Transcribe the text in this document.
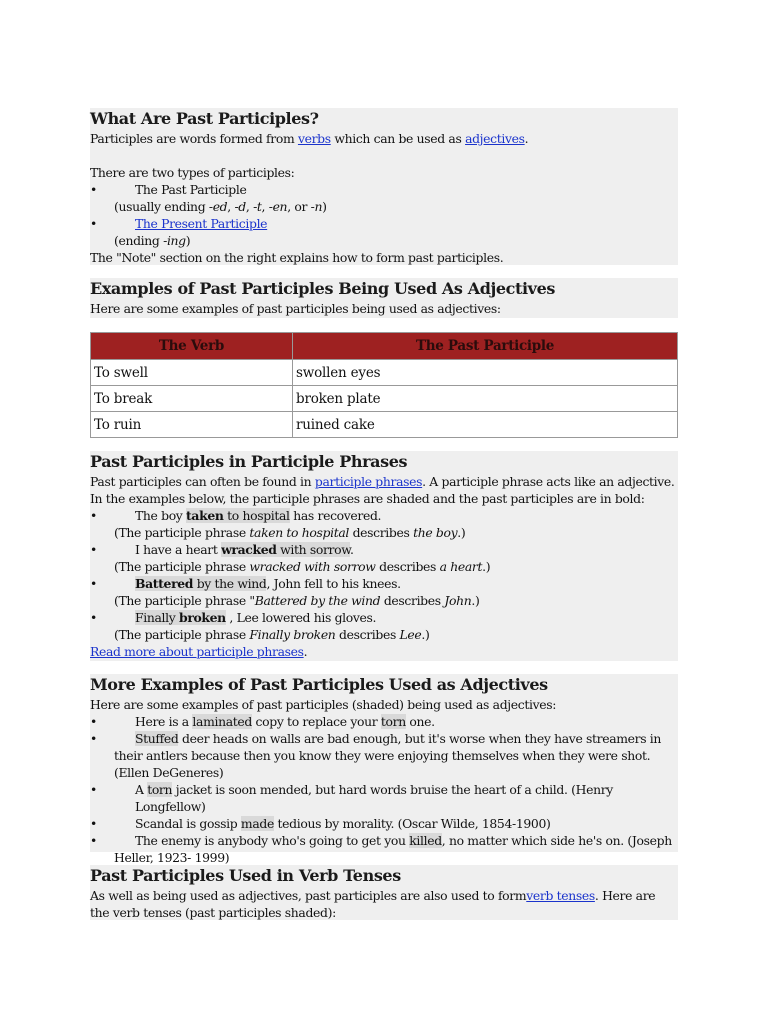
What Are Past Participles?

Participles are words formed from verbs which can be used as adjectives.

There are two types of participles:

•	The Past Participle
(usually ending -ed, -d, -t, -en, or -n)
•	The Present Participle
(ending -ing)

The "Note" section on the right explains how to form past participles.

Examples of Past Participles Being Used As Adjectives

Here are some examples of past participles being used as adjectives:

The Verb	The Past Participle
To swell	swollen eyes
To break	broken plate
To ruin	ruined cake
Past Participles in Participle Phrases

Past participles can often be found in participle phrases. A participle phrase acts like an adjective. In the examples below, the participle phrases are shaded and the past participles are in bold:

•	The boy taken to hospital has recovered.
(The participle phrase taken to hospital describes the boy.)
•	I have a heart wracked with sorrow.
(The participle phrase wracked with sorrow describes a heart.)
•	Battered by the wind, John fell to his knees.
(The participle phrase "Battered by the wind describes John.)
•	Finally broken , Lee lowered his gloves.
(The participle phrase Finally broken describes Lee.)

Read more about participle phrases.

More Examples of Past Participles Used as Adjectives

Here are some examples of past participles (shaded) being used as adjectives:

•	Here is a laminated copy to replace your torn one.
•	Stuffed deer heads on walls are bad enough, but it's worse when they have streamers in their antlers because then you know they were enjoying themselves when they were shot. (Ellen DeGeneres)
•	A torn jacket is soon mended, but hard words bruise the heart of a child. (Henry Longfellow)
•	Scandal is gossip made tedious by morality. (Oscar Wilde, 1854-1900)
•	The enemy is anybody who's going to get you killed, no matter which side he's on. (Joseph Heller, 1923- 1999)
Past Participles Used in Verb Tenses

As well as being used as adjectives, past participles are also used to formverb tenses. Here are the verb tenses (past participles shaded):
